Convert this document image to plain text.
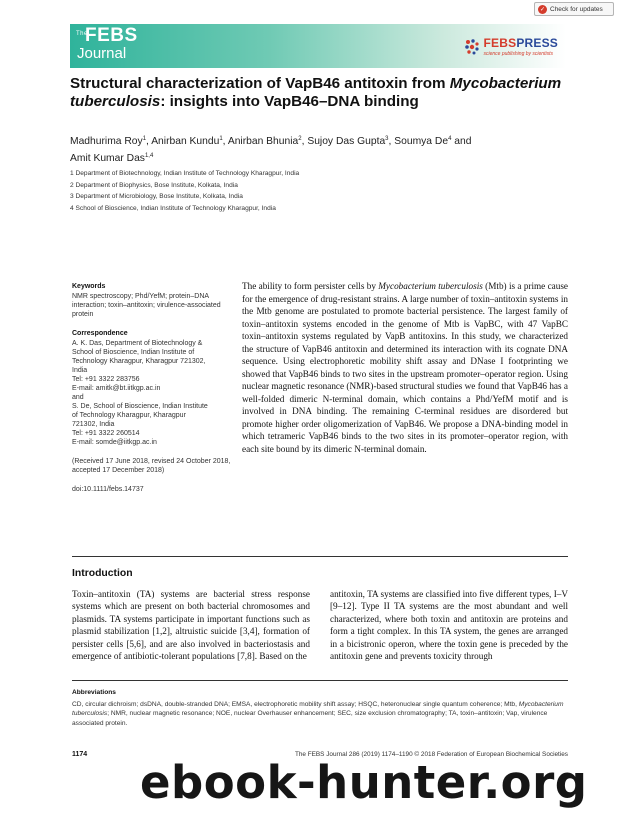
✓ Check for updates
The
FEBS
Journal
FEBSPRESS
science publishing by scientists
Structural characterization of VapB46 antitoxin from Mycobacterium tuberculosis: insights into VapB46–DNA binding
Madhurima Roy$^1$, Anirban Kundu$^1$, Anirban Bhunia$^2$, Sujoy Das Gupta$^3$, Soumya De$^4$ and
Amit Kumar Das$^{1,4}$
1 Department of Biotechnology, Indian Institute of Technology Kharagpur, India
2 Department of Biophysics, Bose Institute, Kolkata, India
3 Department of Microbiology, Bose Institute, Kolkata, India
4 School of Bioscience, Indian Institute of Technology Kharagpur, India
Keywords
NMR spectroscopy; Phd/YefM; protein–DNA interaction; toxin–antitoxin; virulence-associated protein
Correspondence
A. K. Das, Department of Biotechnology &
School of Bioscience, Indian Institute of
Technology Kharagpur, Kharagpur 721302,
India
Tel: +91 3322 283756
E-mail: amitk@bt.iitkgp.ac.in
and
S. De, School of Bioscience, Indian Institute
of Technology Kharagpur, Kharagpur
721302, India
Tel: +91 3322 260514
E-mail: somde@iitkgp.ac.in
(Received 17 June 2018, revised 24 October 2018, accepted 17 December 2018)
doi:10.1111/febs.14737
The ability to form persister cells by Mycobacterium tuberculosis (Mtb) is a prime cause for the emergence of drug-resistant strains. A large number of toxin–antitoxin systems in the Mtb genome are postulated to promote bacterial persistence. The largest family of toxin–antitoxin systems encoded in the genome of Mtb is VapBC, with 47 VapBC toxin–antitoxin systems regulated by VapB antitoxins. In this study, we characterized the structure of VapB46 antitoxin and determined its interaction with its cognate DNA sequence. Using electrophoretic mobility shift assay and DNase I footprinting we showed that VapB46 binds to two sites in the upstream promoter–operator region. Using nuclear magnetic resonance (NMR)-based structural studies we found that VapB46 has a well-folded dimeric N-terminal domain, which contains a Phd/YefM motif and is involved in DNA binding. The remaining C-terminal residues are disordered but promote higher order oligomerization of VapB46. We propose a DNA-binding model in which tetrameric VapB46 binds to the two sites in its promoter–operator region, with each site bound by its dimeric N-terminal domain.
Introduction
Toxin–antitoxin (TA) systems are bacterial stress response systems which are present on both bacterial chromosomes and plasmids. TA systems participate in important functions such as plasmid stabilization [1,2], altruistic suicide [3,4], formation of persister cells [5,6], and are also involved in bacteriostasis and emergence of antibiotic-tolerant populations [7,8]. Based on the
antitoxin, TA systems are classified into five different types, I–V [9–12]. Type II TA systems are the most abundant and well characterized, where both toxin and antitoxin are proteins and form a tight complex. In this TA system, the genes are arranged in a bicistronic operon, where the toxin gene is preceded by the antitoxin gene and prevents toxicity through
Abbreviations
CD, circular dichroism; dsDNA, double-stranded DNA; EMSA, electrophoretic mobility shift assay; HSQC, heteronuclear single quantum coherence; Mtb, Mycobacterium tuberculosis; NMR, nuclear magnetic resonance; NOE, nuclear Overhauser enhancement; SEC, size exclusion chromatography; TA, toxin–antitoxin; Vap, virulence associated protein.
1174	The FEBS Journal 286 (2019) 1174–1190 © 2018 Federation of European Biochemical Societies
ebook-hunter.org
